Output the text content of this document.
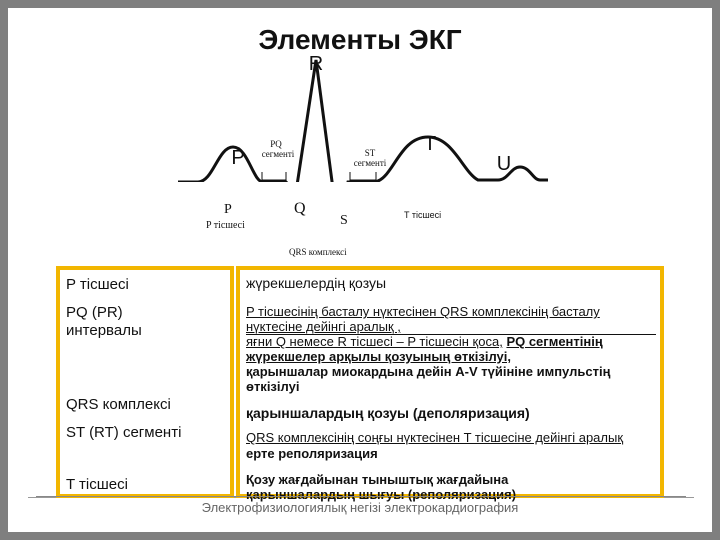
Элементы ЭКГ
R
P
T
U
PQ сегменті	ST сегменті
P
P тісшесі
Q
S	T тісшесі
QRS комплексі
P тісшесі
PQ (PR) интервалы
QRS комплексі
ST (RT) сегменті
T тісшесі
жүрекшелердің қозуы
P тісшесінің басталу нүктесінен QRS комплексінің басталу
нүктесіне дейінгі аралық ,
яғни Q немесе R тісшесі – P тісшесін қоса, PQ сегментінің
жүрекшелер арқылы қозуының өткізілуі,
қарыншалар миокардына дейін A-V түйініне импульстің
өткізілуі
қарыншалардың қозуы (деполяризация)
QRS комплексінің соңғы нүктесінен T тісшесіне дейінгі аралық
ерте реполяризация
Қозу жағдайынан тыныштық жағдайына
қарыншалардың шығуы (реполяризация)
Электрофизиологиялық негізі электрокардиография
